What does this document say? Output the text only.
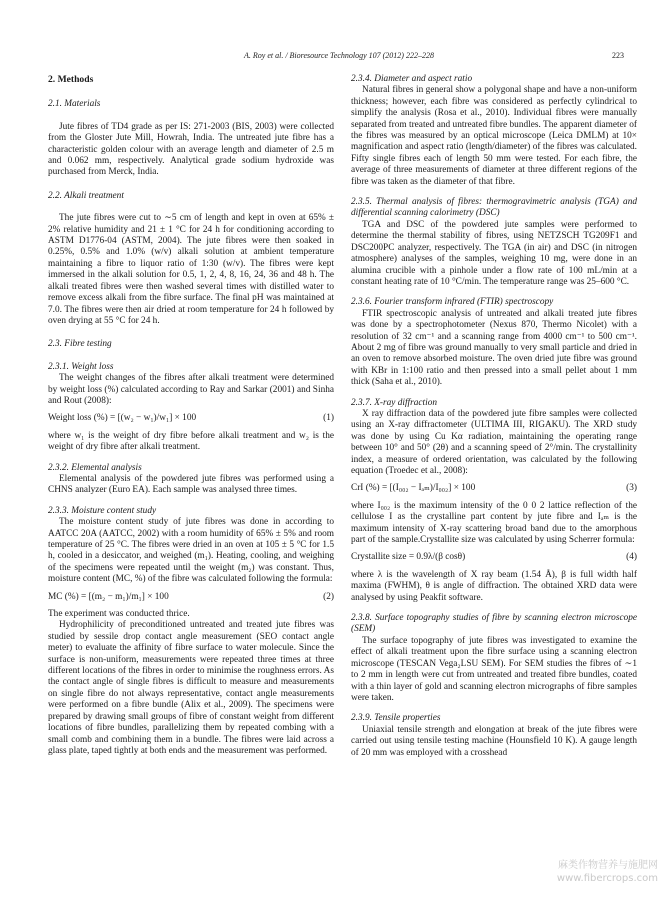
A. Roy et al. / Bioresource Technology 107 (2012) 222–228	223
2. Methods
2.1. Materials

Jute fibres of TD4 grade as per IS: 271-2003 (BIS, 2003) were collected from the Gloster Jute Mill, Howrah, India. The untreated jute fibre has a characteristic golden colour with an average length and diameter of 2.5 m and 0.062 mm, respectively. Analytical grade sodium hydroxide was purchased from Merck, India.

2.2. Alkali treatment

The jute fibres were cut to ∼5 cm of length and kept in oven at 65% ± 2% relative humidity and 21 ± 1 °C for 24 h for conditioning according to ASTM D1776-04 (ASTM, 2004). The jute fibres were then soaked in 0.25%, 0.5% and 1.0% (w/v) alkali solution at ambient temperature maintaining a fibre to liquor ratio of 1:30 (w/v). The fibres were kept immersed in the alkali solution for 0.5, 1, 2, 4, 8, 16, 24, 36 and 48 h. The alkali treated fibres were then washed several times with distilled water to remove excess alkali from the fibre surface. The final pH was maintained at 7.0. The fibres were then air dried at room temperature for 24 h followed by oven drying at 55 °C for 24 h.

2.3. Fibre testing
2.3.1. Weight loss

The weight changes of the fibres after alkali treatment were determined by weight loss (%) calculated according to Ray and Sarkar (2001) and Sinha and Rout (2008):

Weight loss (%) = [(w₂ − w₁)/w₁] × 100	(1)

where w₁ is the weight of dry fibre before alkali treatment and w₂ is the weight of dry fibre after alkali treatment.

2.3.2. Elemental analysis

Elemental analysis of the powdered jute fibres was performed using a CHNS analyzer (Euro EA). Each sample was analysed three times.

2.3.3. Moisture content study

The moisture content study of jute fibres was done in according to AATCC 20A (AATCC, 2002) with a room humidity of 65% ± 5% and room temperature of 25 °C. The fibres were dried in an oven at 105 ± 5 °C for 1.5 h, cooled in a desiccator, and weighed (m₁). Heating, cooling, and weighing of the specimens were repeated until the weight (m₂) was constant. Thus, moisture content (MC, %) of the fibre was calculated following the formula:

MC (%) = [(m₂ − m₁)/m₁] × 100	(2)

The experiment was conducted thrice.

Hydrophilicity of preconditioned untreated and treated jute fibres was studied by sessile drop contact angle measurement (SEO contact angle meter) to evaluate the affinity of fibre surface to water molecule. Since the surface is non-uniform, measurements were repeated three times at three different locations of the fibres in order to minimise the roughness errors. As the contact angle of single fibres is difficult to measure and measurements on single fibre do not always representative, contact angle measurements were performed on a fibre bundle (Alix et al., 2009). The specimens were prepared by drawing small groups of fibre of constant weight from different locations of fibre bundles, parallelizing them by repeated combing with a small comb and combining them in a bundle. The fibres were laid across a glass plate, taped tightly at both ends and the measurement was performed.

2.3.4. Diameter and aspect ratio

Natural fibres in general show a polygonal shape and have a non-uniform thickness; however, each fibre was considered as perfectly cylindrical to simplify the analysis (Rosa et al., 2010). Individual fibres were manually separated from treated and untreated fibre bundles. The apparent diameter of the fibres was measured by an optical microscope (Leica DMLM) at 10× magnification and aspect ratio (length/diameter) of the fibres was calculated. Fifty single fibres each of length 50 mm were tested. For each fibre, the average of three measurements of diameter at three different regions of the fibre was taken as the diameter of that fibre.

2.3.5. Thermal analysis of fibres: thermogravimetric analysis (TGA) and differential scanning calorimetry (DSC)

TGA and DSC of the powdered jute samples were performed to determine the thermal stability of fibres, using NETZSCH TG209F1 and DSC200PC analyzer, respectively. The TGA (in air) and DSC (in nitrogen atmosphere) analyses of the samples, weighing 10 mg, were done in an alumina crucible with a pinhole under a flow rate of 100 mL/min at a constant heating rate of 10 °C/min. The temperature range was 25–600 °C.

2.3.6. Fourier transform infrared (FTIR) spectroscopy

FTIR spectroscopic analysis of untreated and alkali treated jute fibres was done by a spectrophotometer (Nexus 870, Thermo Nicolet) with a resolution of 32 cm⁻¹ and a scanning range from 4000 cm⁻¹ to 500 cm⁻¹. About 2 mg of fibre was ground manually to very small particle and dried in an oven to remove absorbed moisture. The oven dried jute fibre was ground with KBr in 1:100 ratio and then pressed into a small pellet about 1 mm thick (Saha et al., 2010).

2.3.7. X-ray diffraction

X ray diffraction data of the powdered jute fibre samples were collected using an X-ray diffractometer (ULTIMA III, RIGAKU). The XRD study was done by using Cu Kα radiation, maintaining the operating range between 10° and 50° (2θ) and a scanning speed of 2°/min. The crystallinity index, a measure of ordered orientation, was calculated by the following equation (Troedec et al., 2008):

CrI (%) = [(I₀₀₂ − Iₐₘ)/I₀₀₂] × 100	(3)

where I₀₀₂ is the maximum intensity of the 0 0 2 lattice reflection of the cellulose I as the crystalline part content by jute fibre and Iₐₘ is the maximum intensity of X-ray scattering broad band due to the amorphous part of the sample.Crystallite size was calculated by using Scherrer formula:

Crystallite size = 0.9λ/(β cosθ)	(4)

where λ is the wavelength of X ray beam (1.54 Å), β is full width half maxima (FWHM), θ is angle of diffraction. The obtained XRD data were analysed by using Peakfit software.

2.3.8. Surface topography studies of fibre by scanning electron microscope (SEM)

The surface topography of jute fibres was investigated to examine the effect of alkali treatment upon the fibre surface using a scanning electron microscope (TESCAN Vega₂LSU SEM). For SEM studies the fibres of ∼1 to 2 mm in length were cut from untreated and treated fibre bundles, coated with a thin layer of gold and scanning electron micrographs of fibre samples were taken.

2.3.9. Tensile properties

Uniaxial tensile strength and elongation at break of the jute fibres were carried out using tensile testing machine (Hounsfield 10 K). A gauge length of 20 mm was employed with a crosshead

麻类作物营养与施肥网
www.fibercrops.com
